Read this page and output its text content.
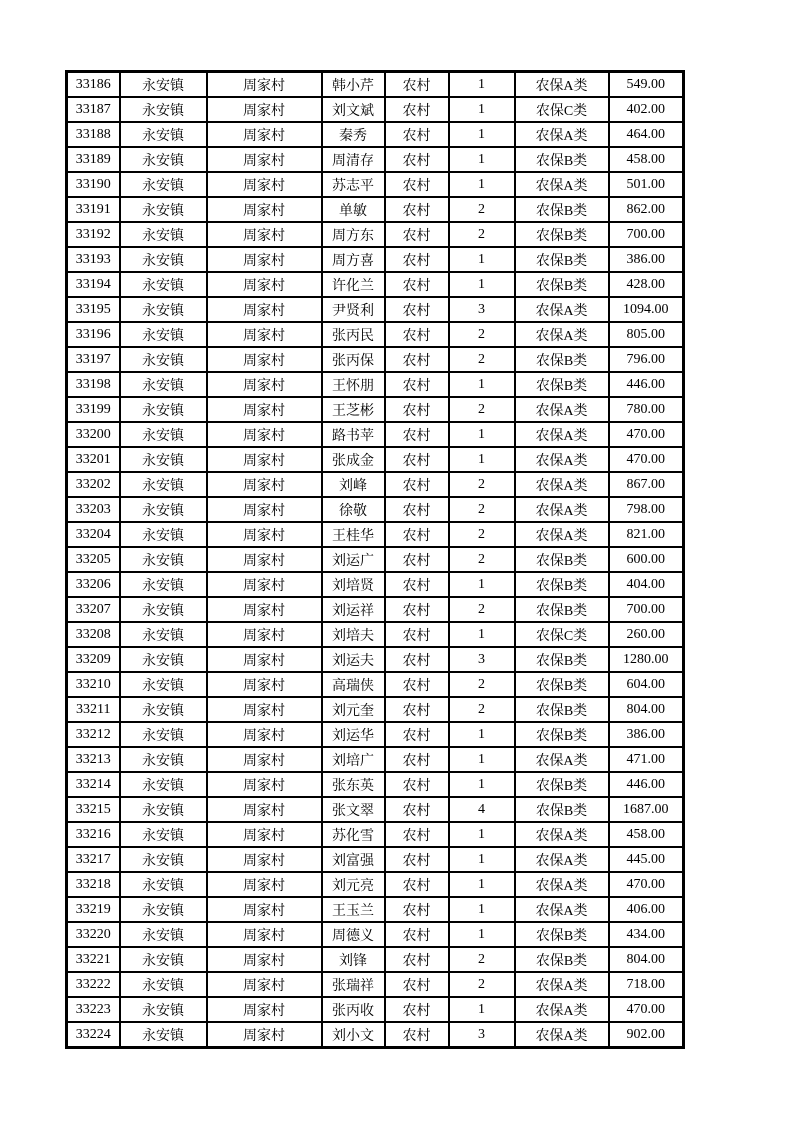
33186	永安镇	周家村	韩小芹	农村	1	农保A类	549.00
33187	永安镇	周家村	刘文斌	农村	1	农保C类	402.00
33188	永安镇	周家村	秦秀	农村	1	农保A类	464.00
33189	永安镇	周家村	周清存	农村	1	农保B类	458.00
33190	永安镇	周家村	苏志平	农村	1	农保A类	501.00
33191	永安镇	周家村	单敏	农村	2	农保B类	862.00
33192	永安镇	周家村	周方东	农村	2	农保B类	700.00
33193	永安镇	周家村	周方喜	农村	1	农保B类	386.00
33194	永安镇	周家村	许化兰	农村	1	农保B类	428.00
33195	永安镇	周家村	尹贤利	农村	3	农保A类	1094.00
33196	永安镇	周家村	张丙民	农村	2	农保A类	805.00
33197	永安镇	周家村	张丙保	农村	2	农保B类	796.00
33198	永安镇	周家村	王怀朋	农村	1	农保B类	446.00
33199	永安镇	周家村	王芝彬	农村	2	农保A类	780.00
33200	永安镇	周家村	路书苹	农村	1	农保A类	470.00
33201	永安镇	周家村	张成金	农村	1	农保A类	470.00
33202	永安镇	周家村	刘峰	农村	2	农保A类	867.00
33203	永安镇	周家村	徐敬	农村	2	农保A类	798.00
33204	永安镇	周家村	王桂华	农村	2	农保A类	821.00
33205	永安镇	周家村	刘运广	农村	2	农保B类	600.00
33206	永安镇	周家村	刘培贤	农村	1	农保B类	404.00
33207	永安镇	周家村	刘运祥	农村	2	农保B类	700.00
33208	永安镇	周家村	刘培夫	农村	1	农保C类	260.00
33209	永安镇	周家村	刘运夫	农村	3	农保B类	1280.00
33210	永安镇	周家村	高瑞侠	农村	2	农保B类	604.00
33211	永安镇	周家村	刘元奎	农村	2	农保B类	804.00
33212	永安镇	周家村	刘运华	农村	1	农保B类	386.00
33213	永安镇	周家村	刘培广	农村	1	农保A类	471.00
33214	永安镇	周家村	张东英	农村	1	农保B类	446.00
33215	永安镇	周家村	张文翠	农村	4	农保B类	1687.00
33216	永安镇	周家村	苏化雪	农村	1	农保A类	458.00
33217	永安镇	周家村	刘富强	农村	1	农保A类	445.00
33218	永安镇	周家村	刘元亮	农村	1	农保A类	470.00
33219	永安镇	周家村	王玉兰	农村	1	农保A类	406.00
33220	永安镇	周家村	周德义	农村	1	农保B类	434.00
33221	永安镇	周家村	刘锋	农村	2	农保B类	804.00
33222	永安镇	周家村	张瑞祥	农村	2	农保A类	718.00
33223	永安镇	周家村	张丙收	农村	1	农保A类	470.00
33224	永安镇	周家村	刘小文	农村	3	农保A类	902.00
